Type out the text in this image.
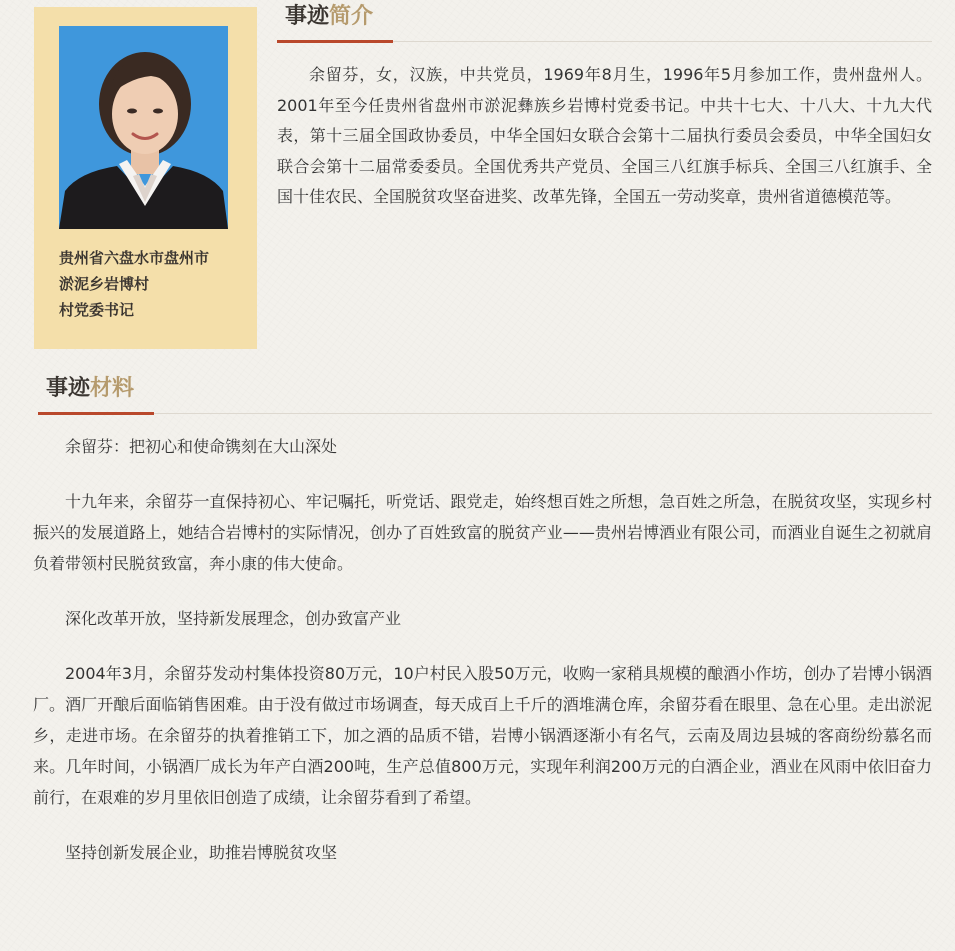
贵州省六盘水市盘州市
淤泥乡岩博村
村党委书记
事迹简介

余留芬，女，汉族，中共党员，1969年8月生，1996年5月参加工作，贵州盘州人。2001年至今任贵州省盘州市淤泥彝族乡岩博村党委书记。中共十七大、十八大、十九大代表，第十三届全国政协委员，中华全国妇女联合会第十二届执行委员会委员，中华全国妇女联合会第十二届常委委员。全国优秀共产党员、全国三八红旗手标兵、全国三八红旗手、全国十佳农民、全国脱贫攻坚奋进奖、改革先锋，全国五一劳动奖章，贵州省道德模范等。

事迹材料

余留芬：把初心和使命镌刻在大山深处

十九年来，余留芬一直保持初心、牢记嘱托，听党话、跟党走，始终想百姓之所想，急百姓之所急，在脱贫攻坚，实现乡村振兴的发展道路上，她结合岩博村的实际情况，创办了百姓致富的脱贫产业——贵州岩博酒业有限公司，而酒业自诞生之初就肩负着带领村民脱贫致富，奔小康的伟大使命。

深化改革开放，坚持新发展理念，创办致富产业

2004年3月，余留芬发动村集体投资80万元，10户村民入股50万元，收购一家稍具规模的酿酒小作坊，创办了岩博小锅酒厂。酒厂开酿后面临销售困难。由于没有做过市场调查，每天成百上千斤的酒堆满仓库，余留芬看在眼里、急在心里。走出淤泥乡，走进市场。在余留芬的执着推销工下，加之酒的品质不错，岩博小锅酒逐渐小有名气，云南及周边县城的客商纷纷慕名而来。几年时间，小锅酒厂成长为年产白酒200吨，生产总值800万元，实现年利润200万元的白酒企业，酒业在风雨中依旧奋力前行，在艰难的岁月里依旧创造了成绩，让余留芬看到了希望。

坚持创新发展企业，助推岩博脱贫攻坚
